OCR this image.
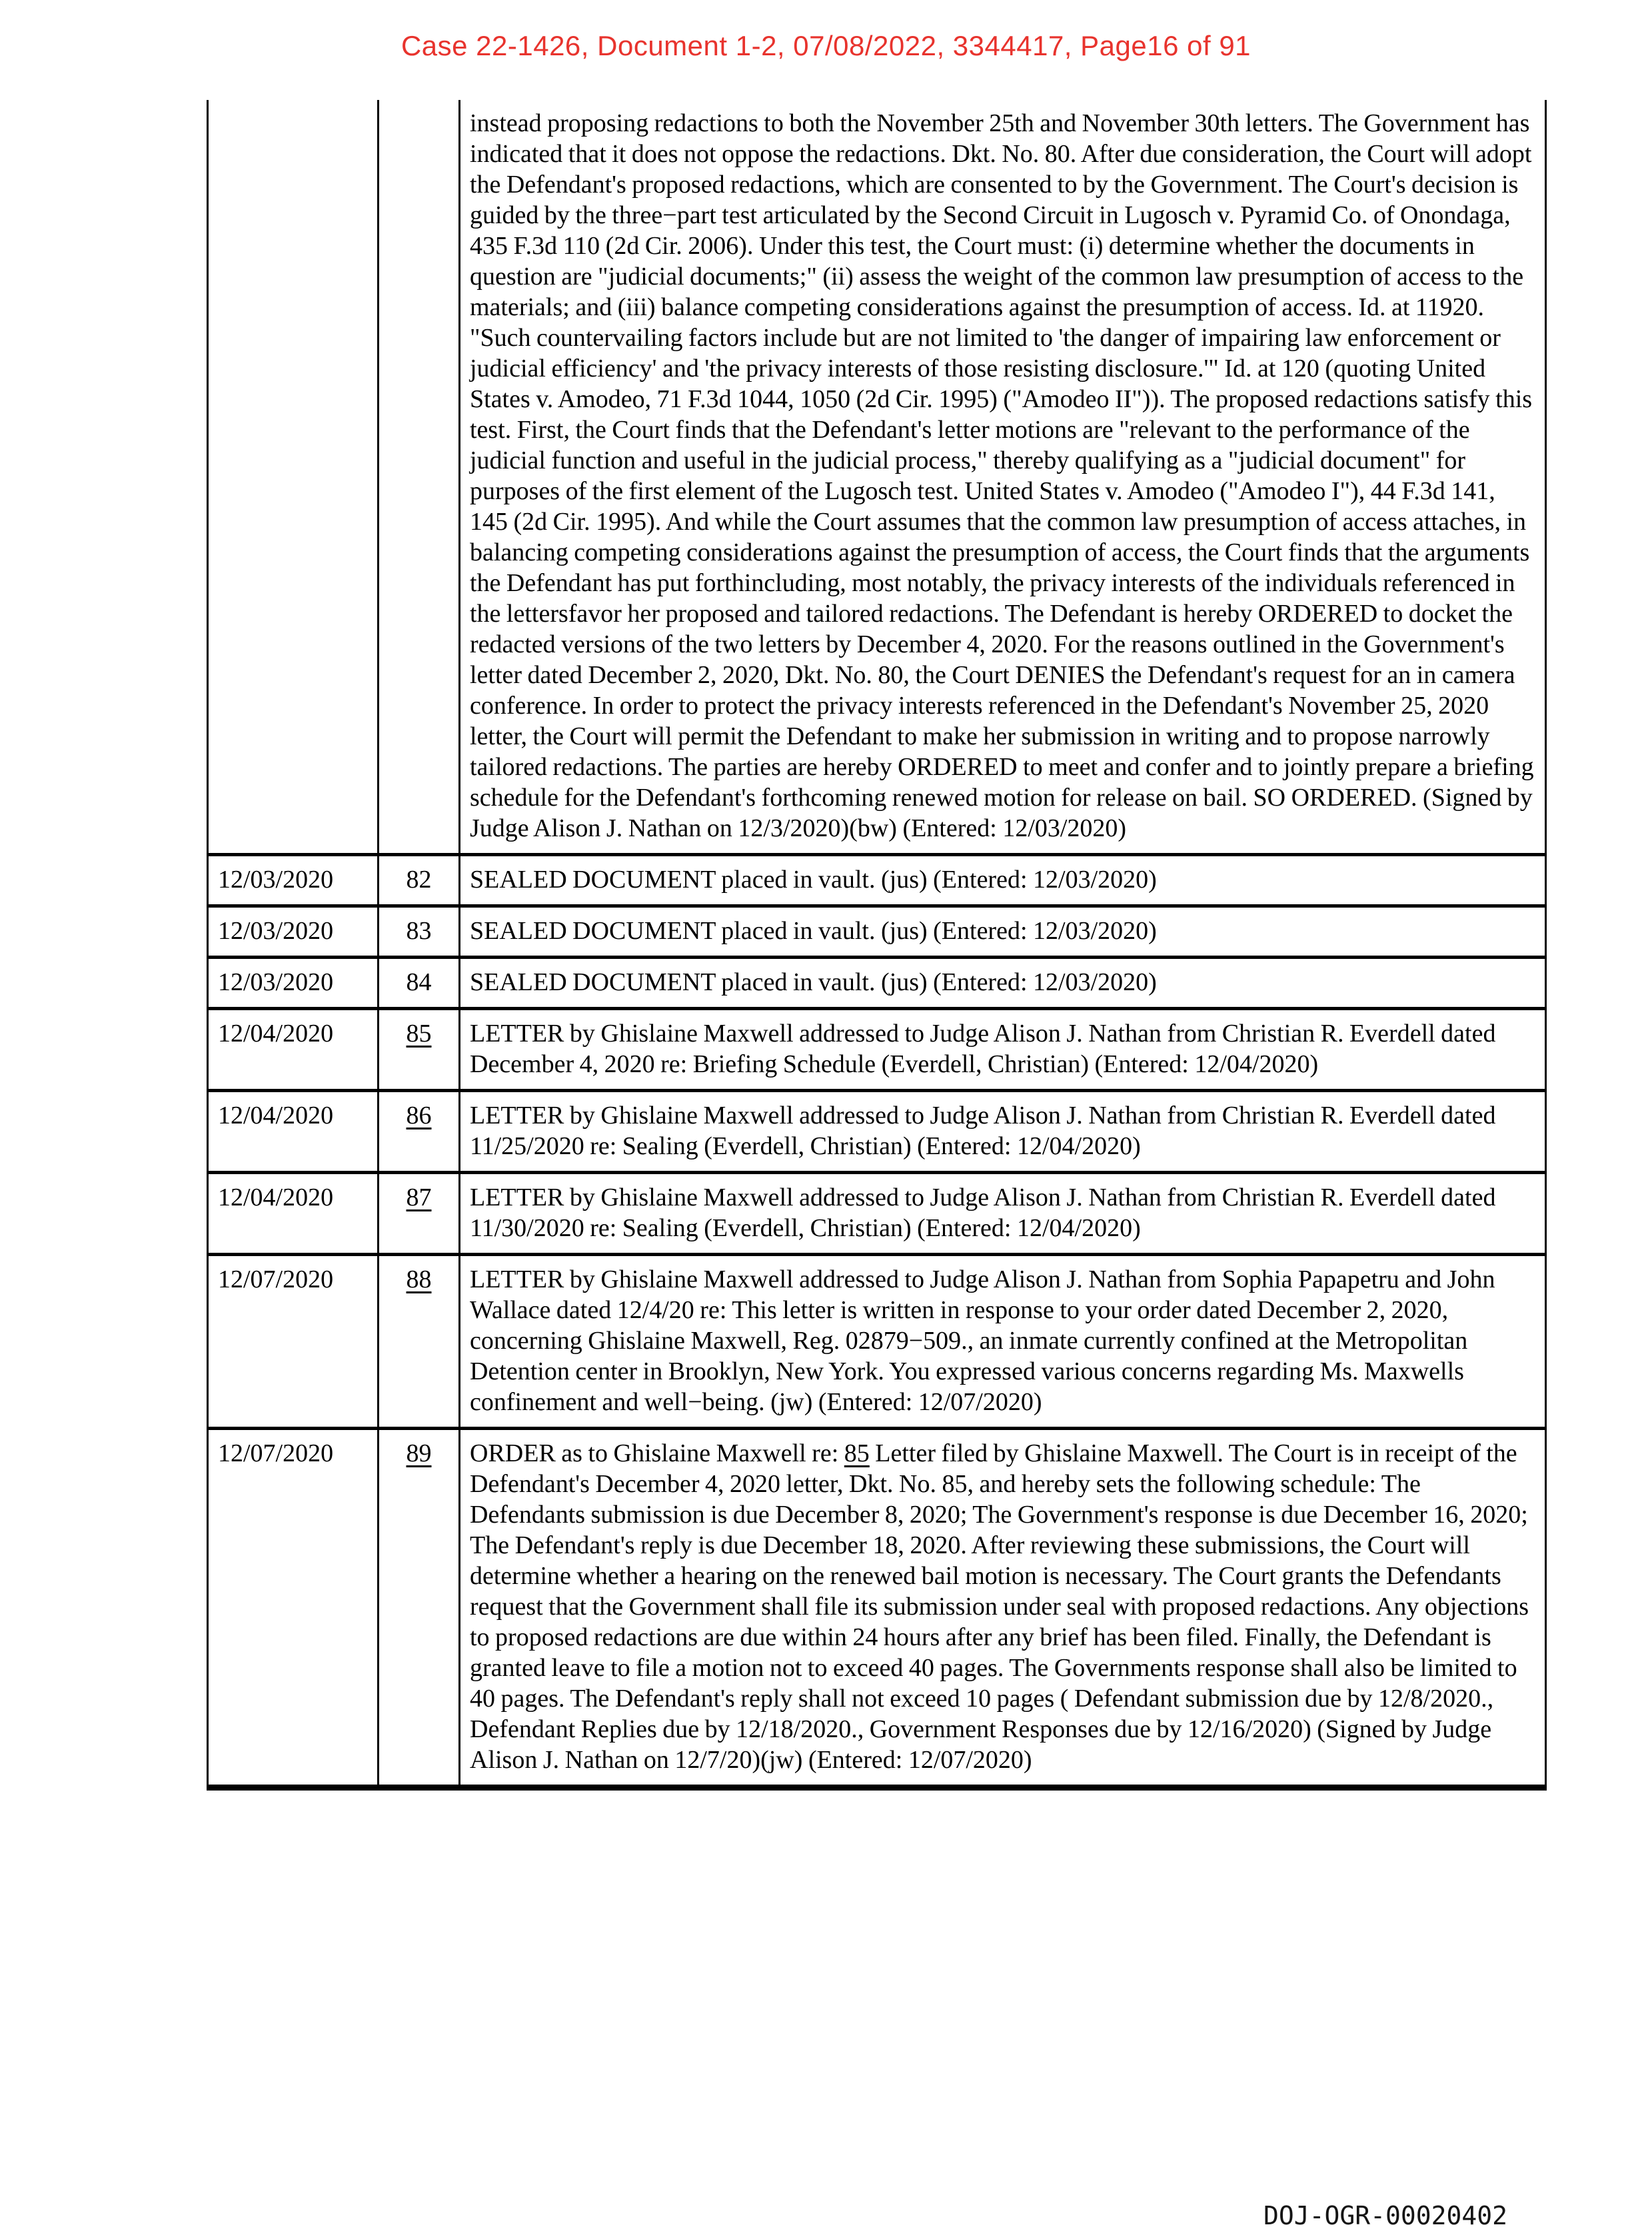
Case 22-1426, Document 1-2, 07/08/2022, 3344417, Page16 of 91
		instead proposing redactions to both the November 25th and November 30th letters. The Government has indicated that it does not oppose the redactions. Dkt. No. 80. After due consideration, the Court will adopt the Defendant's proposed redactions, which are consented to by the Government. The Court's decision is guided by the three−part test articulated by the Second Circuit in Lugosch v. Pyramid Co. of Onondaga, 435 F.3d 110 (2d Cir. 2006). Under this test, the Court must: (i) determine whether the documents in question are "judicial documents;" (ii) assess the weight of the common law presumption of access to the materials; and (iii) balance competing considerations against the presumption of access. Id. at 11920. "Such countervailing factors include but are not limited to 'the danger of impairing law enforcement or judicial efficiency' and 'the privacy interests of those resisting disclosure.'" Id. at 120 (quoting United States v. Amodeo, 71 F.3d 1044, 1050 (2d Cir. 1995) ("Amodeo II")). The proposed redactions satisfy this test. First, the Court finds that the Defendant's letter motions are "relevant to the performance of the judicial function and useful in the judicial process," thereby qualifying as a "judicial document" for purposes of the first element of the Lugosch test. United States v. Amodeo ("Amodeo I"), 44 F.3d 141, 145 (2d Cir. 1995). And while the Court assumes that the common law presumption of access attaches, in balancing competing considerations against the presumption of access, the Court finds that the arguments the Defendant has put forthincluding, most notably, the privacy interests of the individuals referenced in the lettersfavor her proposed and tailored redactions. The Defendant is hereby ORDERED to docket the redacted versions of the two letters by December 4, 2020. For the reasons outlined in the Government's letter dated December 2, 2020, Dkt. No. 80, the Court DENIES the Defendant's request for an in camera conference. In order to protect the privacy interests referenced in the Defendant's November 25, 2020 letter, the Court will permit the Defendant to make her submission in writing and to propose narrowly tailored redactions. The parties are hereby ORDERED to meet and confer and to jointly prepare a briefing schedule for the Defendant's forthcoming renewed motion for release on bail. SO ORDERED. (Signed by Judge Alison J. Nathan on 12/3/2020)(bw) (Entered: 12/03/2020)
12/03/2020	82	SEALED DOCUMENT placed in vault. (jus) (Entered: 12/03/2020)
12/03/2020	83	SEALED DOCUMENT placed in vault. (jus) (Entered: 12/03/2020)
12/03/2020	84	SEALED DOCUMENT placed in vault. (jus) (Entered: 12/03/2020)
12/04/2020	85	LETTER by Ghislaine Maxwell addressed to Judge Alison J. Nathan from Christian R. Everdell dated December 4, 2020 re: Briefing Schedule (Everdell, Christian) (Entered: 12/04/2020)
12/04/2020	86	LETTER by Ghislaine Maxwell addressed to Judge Alison J. Nathan from Christian R. Everdell dated 11/25/2020 re: Sealing (Everdell, Christian) (Entered: 12/04/2020)
12/04/2020	87	LETTER by Ghislaine Maxwell addressed to Judge Alison J. Nathan from Christian R. Everdell dated 11/30/2020 re: Sealing (Everdell, Christian) (Entered: 12/04/2020)
12/07/2020	88	LETTER by Ghislaine Maxwell addressed to Judge Alison J. Nathan from Sophia Papapetru and John Wallace dated 12/4/20 re: This letter is written in response to your order dated December 2, 2020, concerning Ghislaine Maxwell, Reg. 02879−509., an inmate currently confined at the Metropolitan Detention center in Brooklyn, New York. You expressed various concerns regarding Ms. Maxwells confinement and well−being. (jw) (Entered: 12/07/2020)
12/07/2020	89	ORDER as to Ghislaine Maxwell re: 85 Letter filed by Ghislaine Maxwell. The Court is in receipt of the Defendant's December 4, 2020 letter, Dkt. No. 85, and hereby sets the following schedule: The Defendants submission is due December 8, 2020; The Government's response is due December 16, 2020; The Defendant's reply is due December 18, 2020. After reviewing these submissions, the Court will determine whether a hearing on the renewed bail motion is necessary. The Court grants the Defendants request that the Government shall file its submission under seal with proposed redactions. Any objections to proposed redactions are due within 24 hours after any brief has been filed. Finally, the Defendant is granted leave to file a motion not to exceed 40 pages. The Governments response shall also be limited to 40 pages. The Defendant's reply shall not exceed 10 pages ( Defendant submission due by 12/8/2020., Defendant Replies due by 12/18/2020., Government Responses due by 12/16/2020) (Signed by Judge Alison J. Nathan on 12/7/20)(jw) (Entered: 12/07/2020)
DOJ-OGR-00020402
